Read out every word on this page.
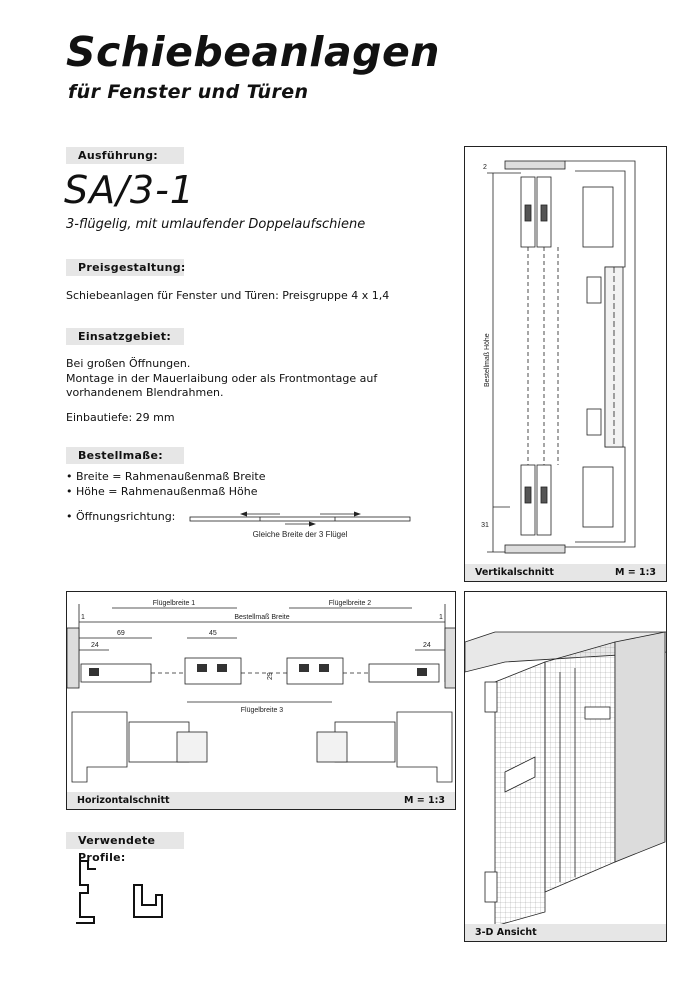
Schiebeanlagen
für Fenster und Türen
Ausführung:
SA/3-1
3-flügelig, mit umlaufender Doppelaufschiene
Preisgestaltung:
Schiebeanlagen für Fenster und Türen: Preisgruppe 4 x 1,4
Einsatzgebiet:
Bei großen Öffnungen.
Montage in der Mauerlaibung oder als Frontmontage auf
vorhandenem Blendrahmen.
Einbautiefe: 29 mm
Bestellmaße:
• Breite = Rahmenaußenmaß Breite
• Höhe = Rahmenaußenmaß Höhe
• Öffnungsrichtung:
Gleiche Breite der 3 Flügel
2
31
Bestellmaß Höhe
Vertikalschnitt	M = 1:3
Flügelbreite 1	Flügelbreite 2
Bestellmaß Breite
Flügelbreite 3
1	1
69	45
24	24
29
Horizontalschnitt	M = 1:3
3-D Ansicht
Verwendete Profile:
